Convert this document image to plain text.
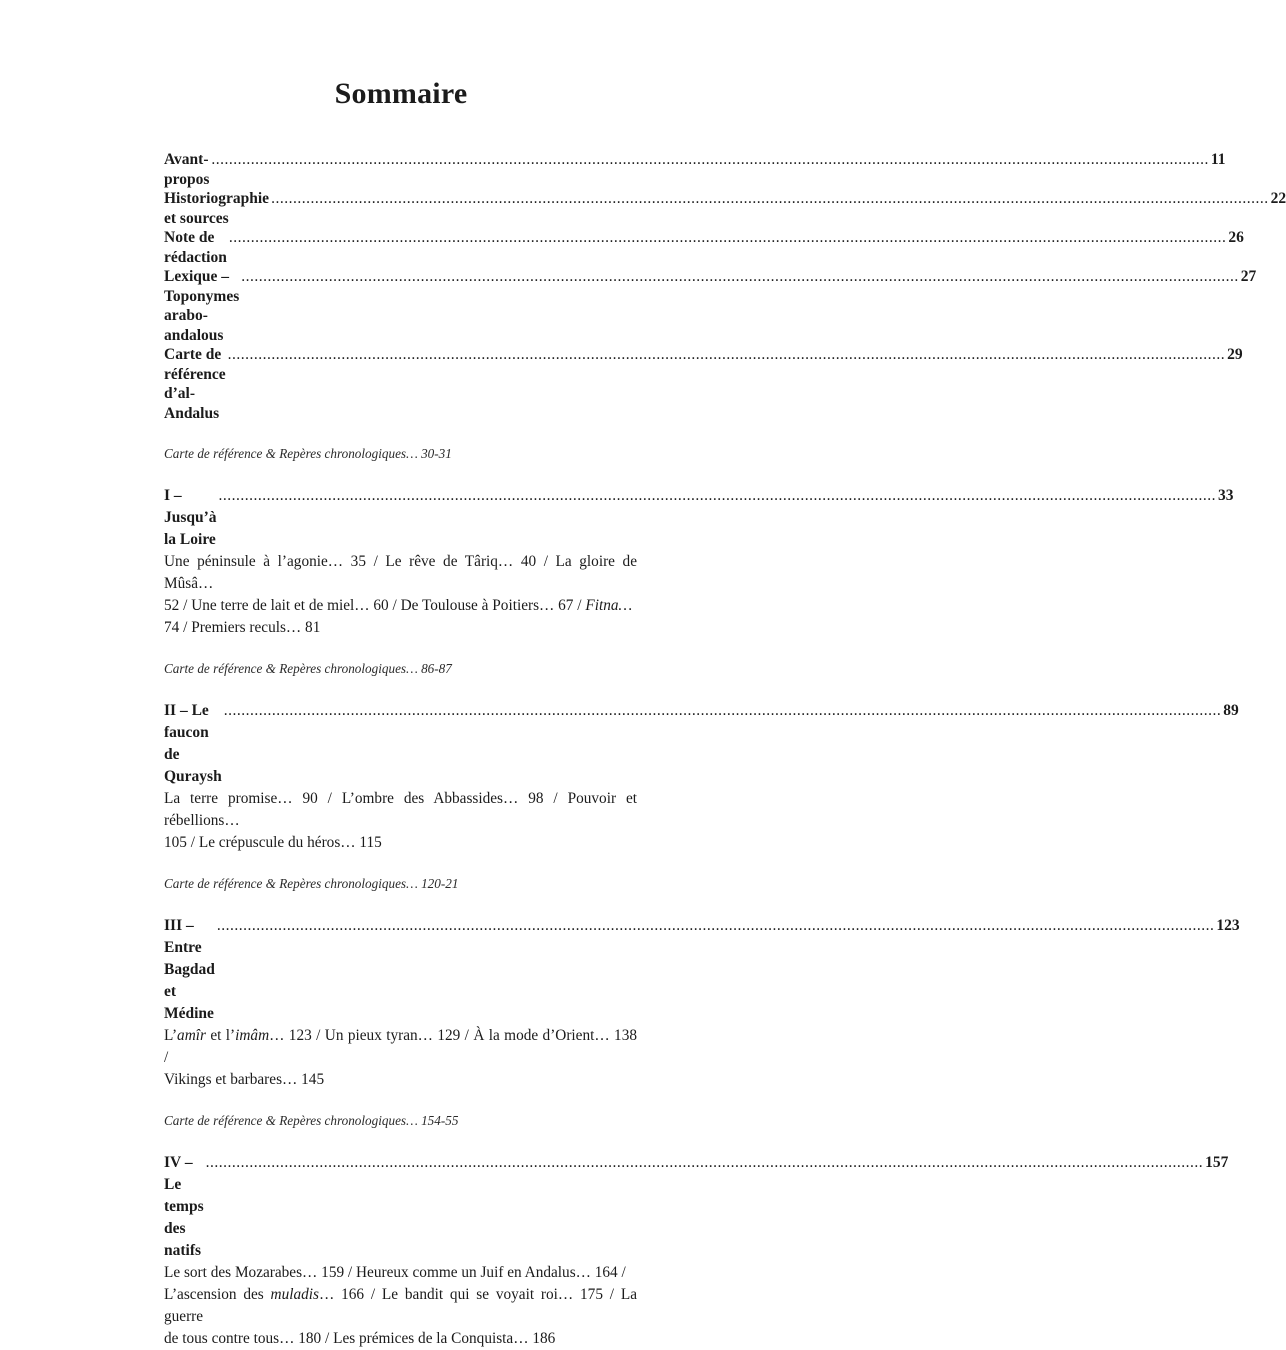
Sommaire
Avant-propos
.....
11
Historiographie et sources
.....
22
Note de rédaction
.....
26
Lexique – Toponymes arabo-andalous
.....
27
Carte de référence d’al-Andalus
.....
29
Carte de référence & Repères chronologiques… 30-31
I – Jusqu’à la Loire
.....
33
Une péninsule à l’agonie… 35 / Le rêve de Târiq… 40 / La gloire de Mûsâ…
52 / Une terre de lait et de miel… 60 / De Toulouse à Poitiers… 67 / Fitna…
74 / Premiers reculs… 81
Carte de référence & Repères chronologiques… 86-87
II – Le faucon de Quraysh
.....
89
La terre promise… 90 / L’ombre des Abbassides… 98 / Pouvoir et rébellions…
105 / Le crépuscule du héros… 115
Carte de référence & Repères chronologiques… 120-21
III – Entre Bagdad et Médine
.....
123
L’amîr et l’imâm… 123 / Un pieux tyran… 129 / À la mode d’Orient… 138 /
Vikings et barbares… 145
Carte de référence & Repères chronologiques… 154-55
IV – Le temps des natifs
.....
157
Le sort des Mozarabes… 159 / Heureux comme un Juif en Andalus… 164 /
L’ascension des muladis… 166 / Le bandit qui se voyait roi… 175 / La guerre
de tous contre tous… 180 / Les prémices de la Conquista… 186
